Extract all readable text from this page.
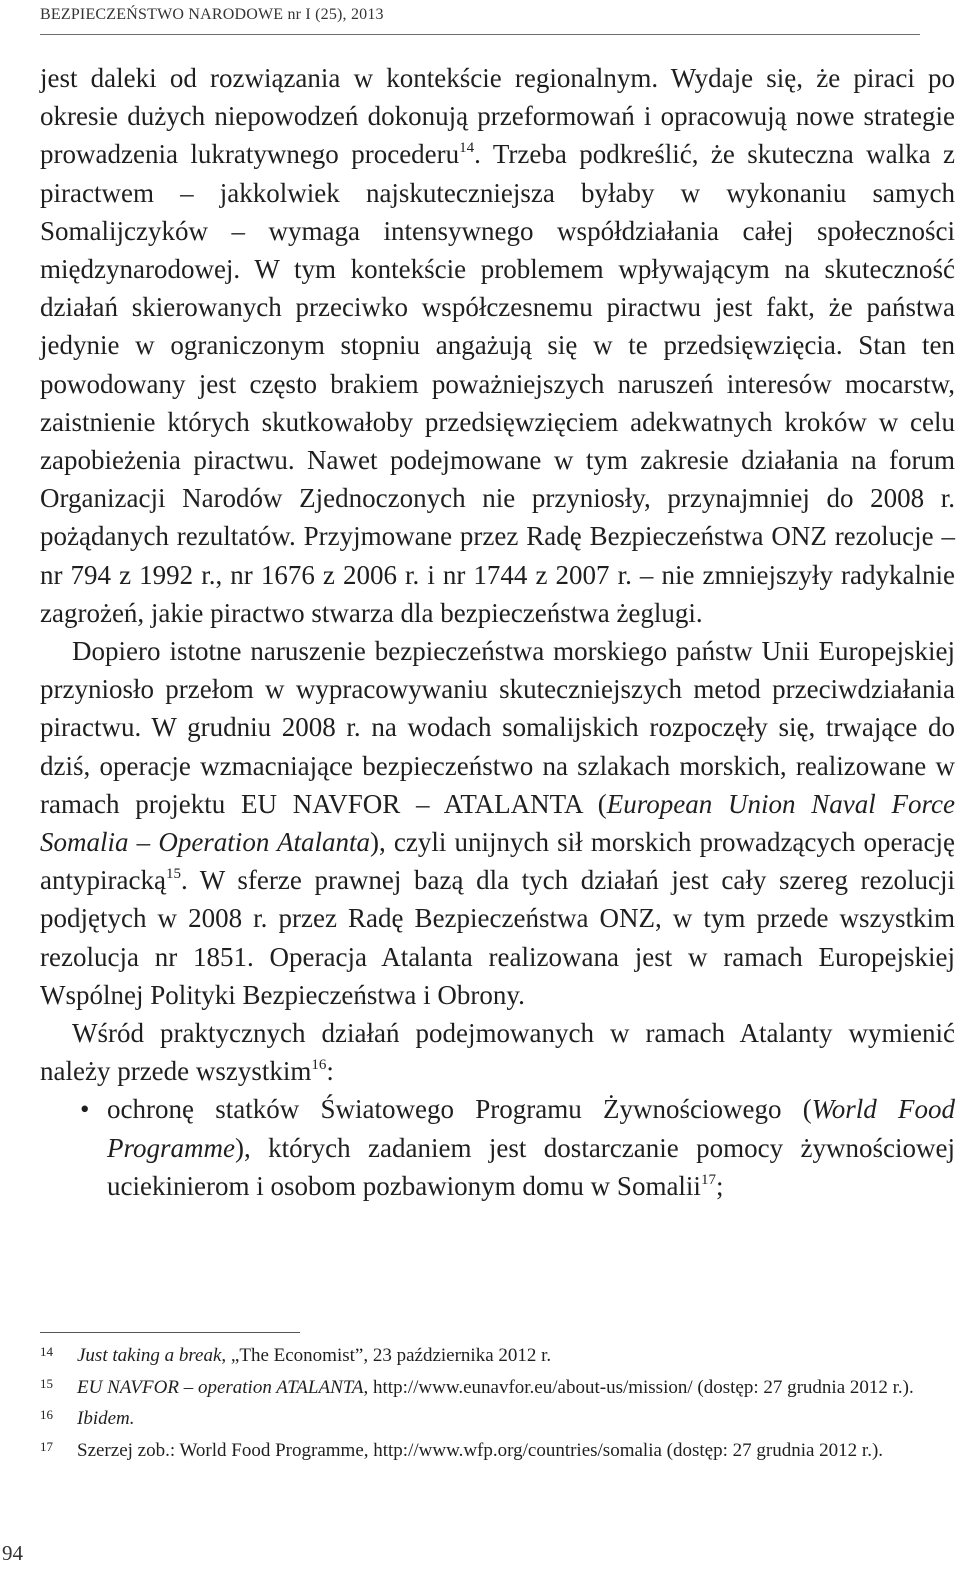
BEZPIECZEŃSTWO NARODOWE nr I (25), 2013

jest daleki od rozwiązania w kontekście regionalnym. Wydaje się, że piraci po okresie dużych niepowodzeń dokonują przeformowań i opracowują nowe strategie prowadzenia lukratywnego procederu$^{14}$. Trzeba podkreślić, że skuteczna walka z piractwem – jakkolwiek najskuteczniejsza byłaby w wykonaniu samych Somalijczyków – wymaga intensywnego współdziałania całej społeczności międzynarodowej. W tym kontekście problemem wpływającym na skuteczność działań skierowanych przeciwko współczesnemu piractwu jest fakt, że państwa jedynie w ograniczonym stopniu angażują się w te przedsięwzięcia. Stan ten powodowany jest często brakiem poważniejszych naruszeń interesów mocarstw, zaistnienie których skutkowałoby przedsięwzięciem adekwatnych kroków w celu zapobieżenia piractwu. Nawet podejmowane w tym zakresie działania na forum Organizacji Narodów Zjednoczonych nie przyniosły, przynajmniej do 2008 r. pożądanych rezultatów. Przyjmowane przez Radę Bezpieczeństwa ONZ rezolucje – nr 794 z 1992 r., nr 1676 z 2006 r. i nr 1744 z 2007 r. – nie zmniejszyły radykalnie zagrożeń, jakie piractwo stwarza dla bezpieczeństwa żeglugi.

Dopiero istotne naruszenie bezpieczeństwa morskiego państw Unii Europejskiej przyniosło przełom w wypracowywaniu skuteczniejszych metod przeciwdziałania piractwu. W grudniu 2008 r. na wodach somalijskich rozpoczęły się, trwające do dziś, operacje wzmacniające bezpieczeństwo na szlakach morskich, realizowane w ramach projektu EU NAVFOR – ATALANTA (European Union Naval Force Somalia – Operation Atalanta), czyli unijnych sił morskich prowadzących operację antypiracką$^{15}$. W sferze prawnej bazą dla tych działań jest cały szereg rezolucji podjętych w 2008 r. przez Radę Bezpieczeństwa ONZ, w tym przede wszystkim rezolucja nr 1851. Operacja Atalanta realizowana jest w ramach Europejskiej Wspólnej Polityki Bezpieczeństwa i Obrony.

Wśród praktycznych działań podejmowanych w ramach Atalanty wymienić należy przede wszystkim$^{16}$:

• ochronę statków Światowego Programu Żywnościowego (World Food Programme), których zadaniem jest dostarczanie pomocy żywnościowej uciekinierom i osobom pozbawionym domu w Somalii$^{17}$;
14 Just taking a break, „The Economist”, 23 października 2012 r.
15 EU NAVFOR – operation ATALANTA, http://www.eunavfor.eu/about-us/mission/ (dostęp: 27 grudnia 2012 r.).
16 Ibidem.
17 Szerzej zob.: World Food Programme, http://www.wfp.org/countries/somalia (dostęp: 27 grudnia 2012 r.).
94
